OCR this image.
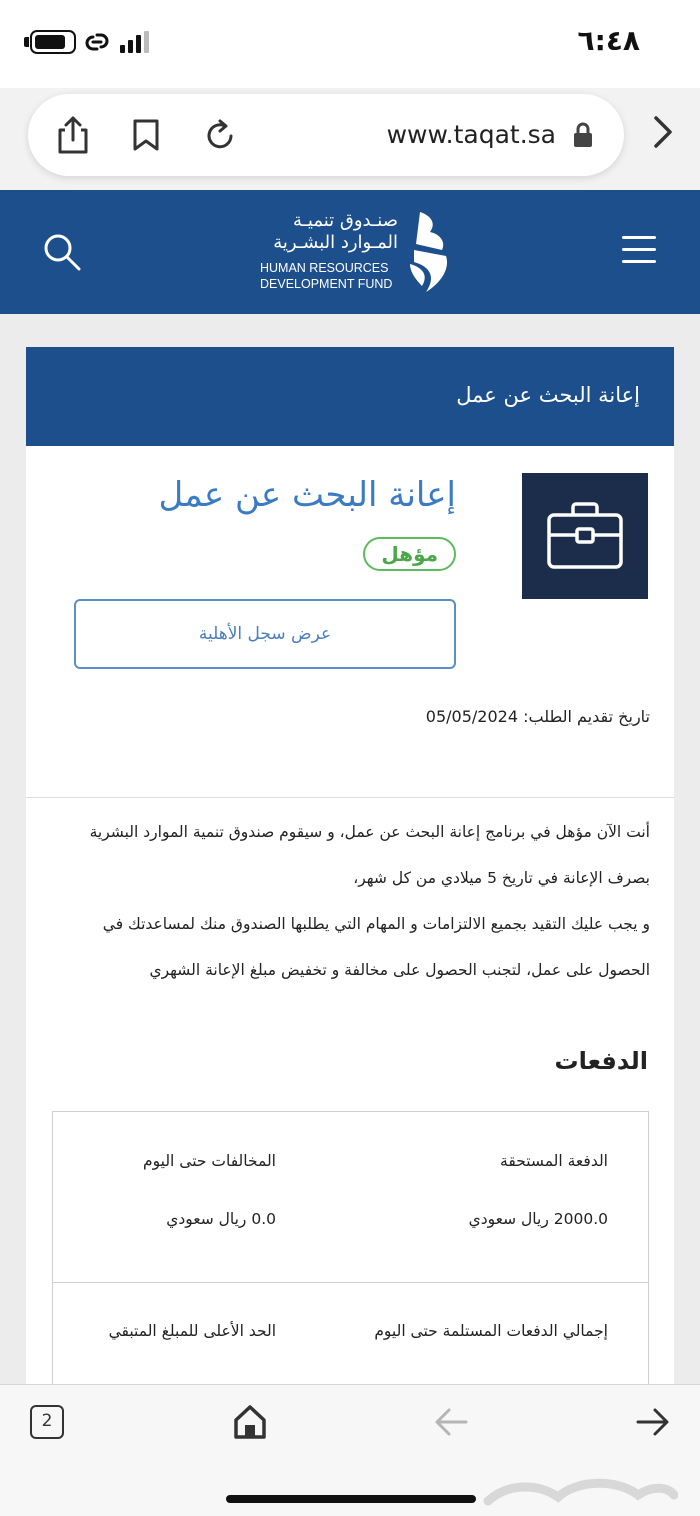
٦:٤٨
www.taqat.sa
صنـدوق تنميـة
المـوارد البشـرية
HUMAN RESOURCES
DEVELOPMENT FUND
إعانة البحث عن عمل
إعانة البحث عن عمل
مؤهل
عرض سجل الأهلية
تاريخ تقديم الطلب: 05/05/2024

أنت الآن مؤهل في برنامج إعانة البحث عن عمل، و سيقوم صندوق تنمية الموارد البشرية

بصرف الإعانة في تاريخ 5 ميلادي من كل شهر،

و يجب عليك التقيد بجميع الالتزامات و المهام التي يطلبها الصندوق منك لمساعدتك في

الحصول على عمل، لتجنب الحصول على مخالفة و تخفيض مبلغ الإعانة الشهري

الدفعات
الدفعة المستحقة
2000.0 ريال سعودي
المخالفات حتى اليوم
0.0 ريال سعودي
إجمالي الدفعات المستلمة حتى اليوم
الحد الأعلى للمبلغ المتبقي
2
